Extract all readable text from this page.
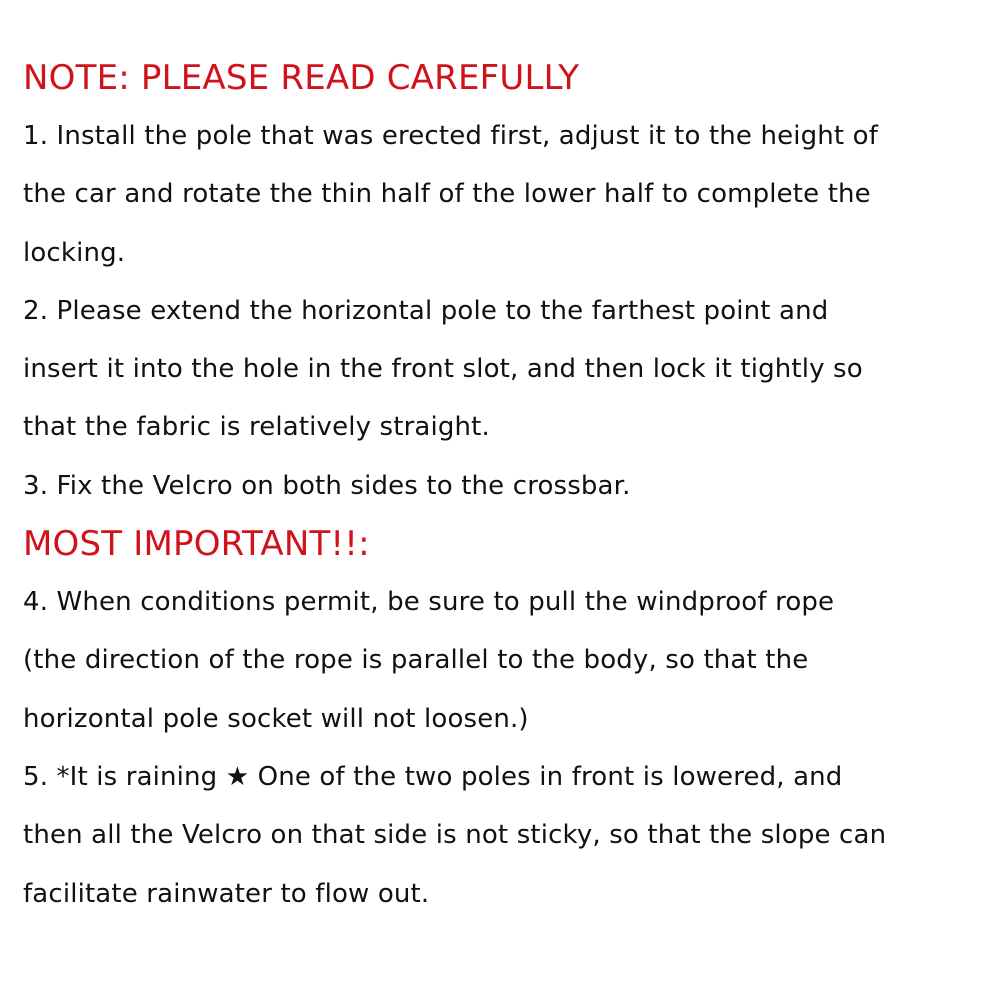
NOTE: PLEASE READ CAREFULLY
1. Install the pole that was erected first, adjust it to the height of
the car and rotate the thin half of the lower half to complete the
locking.
2. Please extend the horizontal pole to the farthest point and
insert it into the hole in the front slot, and then lock it tightly so
that the fabric is relatively straight.
3. Fix the Velcro on both sides to the crossbar.
MOST IMPORTANT!!:
4. When conditions permit, be sure to pull the windproof rope
(the direction of the rope is parallel to the body, so that the
horizontal pole socket will not loosen.)
5. *It is raining ★ One of the two poles in front is lowered, and
then all the Velcro on that side is not sticky, so that the slope can
facilitate rainwater to flow out.
